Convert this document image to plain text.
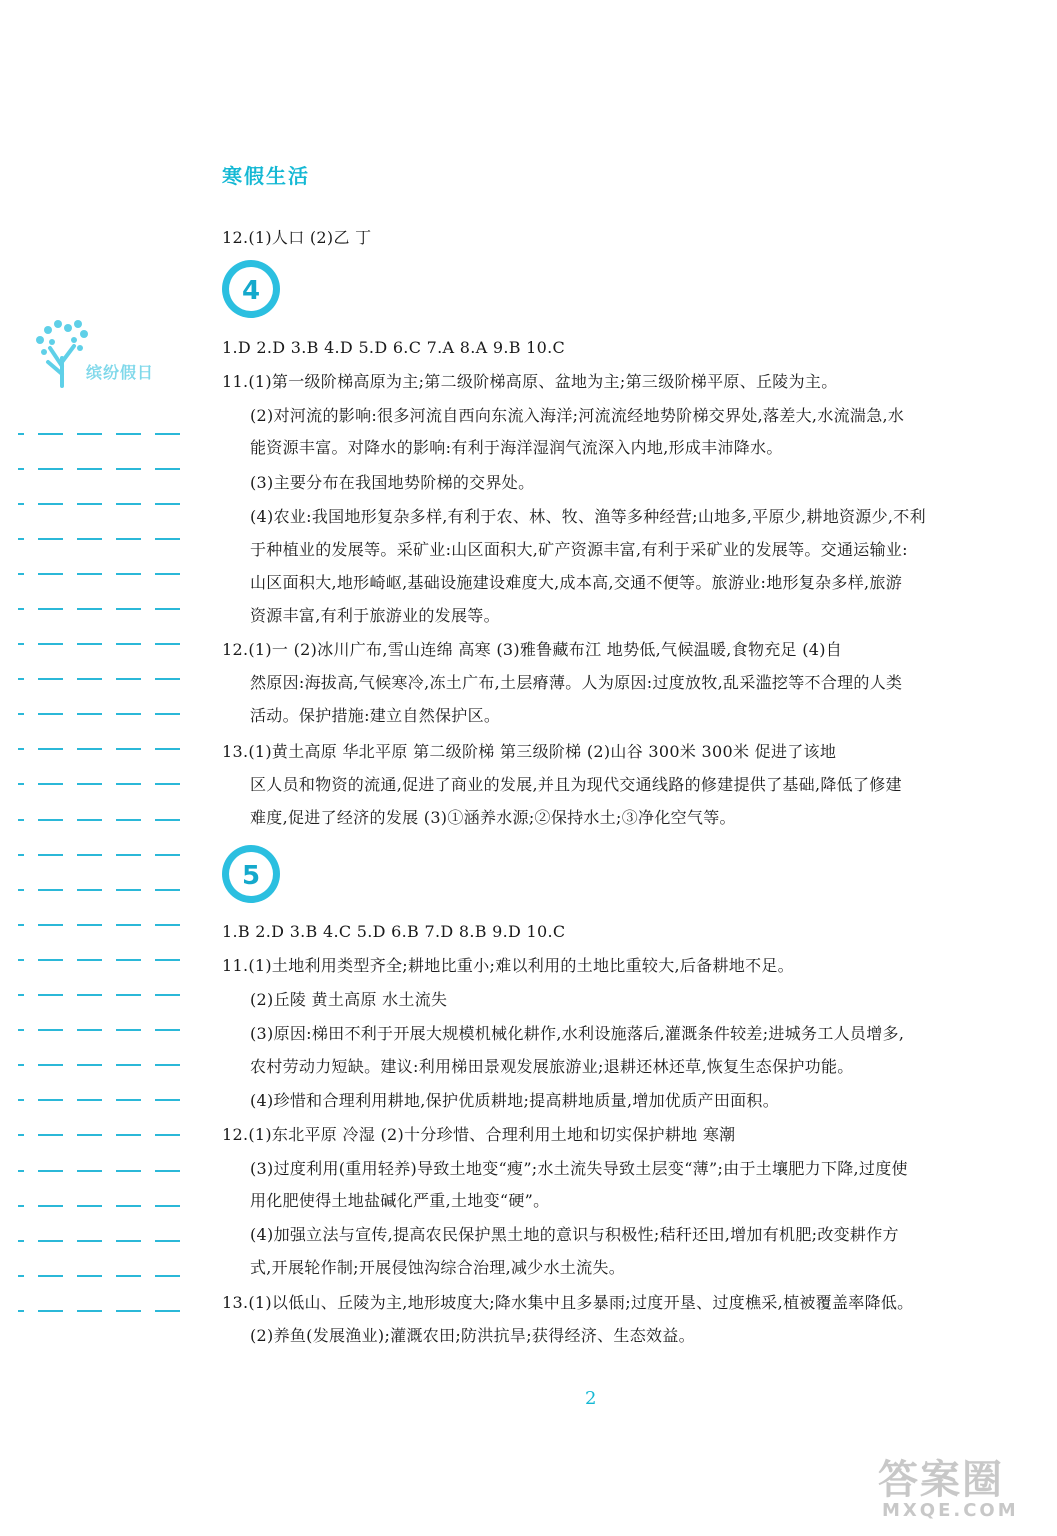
寒假生活
缤纷假日
12.(1)人口 (2)乙 丁
4
1.D 2.D 3.B 4.D 5.D 6.C 7.A 8.A 9.B 10.C
11.(1)第一级阶梯高原为主;第二级阶梯高原、盆地为主;第三级阶梯平原、丘陵为主。
(2)对河流的影响:很多河流自西向东流入海洋;河流流经地势阶梯交界处,落差大,水流湍急,水
能资源丰富。对降水的影响:有利于海洋湿润气流深入内地,形成丰沛降水。
(3)主要分布在我国地势阶梯的交界处。
(4)农业:我国地形复杂多样,有利于农、林、牧、渔等多种经营;山地多,平原少,耕地资源少,不利
于种植业的发展等。采矿业:山区面积大,矿产资源丰富,有利于采矿业的发展等。交通运输业:
山区面积大,地形崎岖,基础设施建设难度大,成本高,交通不便等。旅游业:地形复杂多样,旅游
资源丰富,有利于旅游业的发展等。
12.(1)一 (2)冰川广布,雪山连绵 高寒 (3)雅鲁藏布江 地势低,气候温暖,食物充足 (4)自
然原因:海拔高,气候寒冷,冻土广布,土层瘠薄。人为原因:过度放牧,乱采滥挖等不合理的人类
活动。保护措施:建立自然保护区。
13.(1)黄土高原 华北平原 第二级阶梯 第三级阶梯 (2)山谷 300米 300米 促进了该地
区人员和物资的流通,促进了商业的发展,并且为现代交通线路的修建提供了基础,降低了修建
难度,促进了经济的发展 (3)①涵养水源;②保持水土;③净化空气等。
5
1.B 2.D 3.B 4.C 5.D 6.B 7.D 8.B 9.D 10.C
11.(1)土地利用类型齐全;耕地比重小;难以利用的土地比重较大,后备耕地不足。
(2)丘陵 黄土高原 水土流失
(3)原因:梯田不利于开展大规模机械化耕作,水利设施落后,灌溉条件较差;进城务工人员增多,
农村劳动力短缺。建议:利用梯田景观发展旅游业;退耕还林还草,恢复生态保护功能。
(4)珍惜和合理利用耕地,保护优质耕地;提高耕地质量,增加优质产田面积。
12.(1)东北平原 冷湿 (2)十分珍惜、合理利用土地和切实保护耕地 寒潮
(3)过度利用(重用轻养)导致土地变“瘦”;水土流失导致土层变“薄”;由于土壤肥力下降,过度使
用化肥使得土地盐碱化严重,土地变“硬”。
(4)加强立法与宣传,提高农民保护黑土地的意识与积极性;秸秆还田,增加有机肥;改变耕作方
式,开展轮作制;开展侵蚀沟综合治理,减少水土流失。
13.(1)以低山、丘陵为主,地形坡度大;降水集中且多暴雨;过度开垦、过度樵采,植被覆盖率降低。
(2)养鱼(发展渔业);灌溉农田;防洪抗旱;获得经济、生态效益。
2
答案圈
MXQE.COM
